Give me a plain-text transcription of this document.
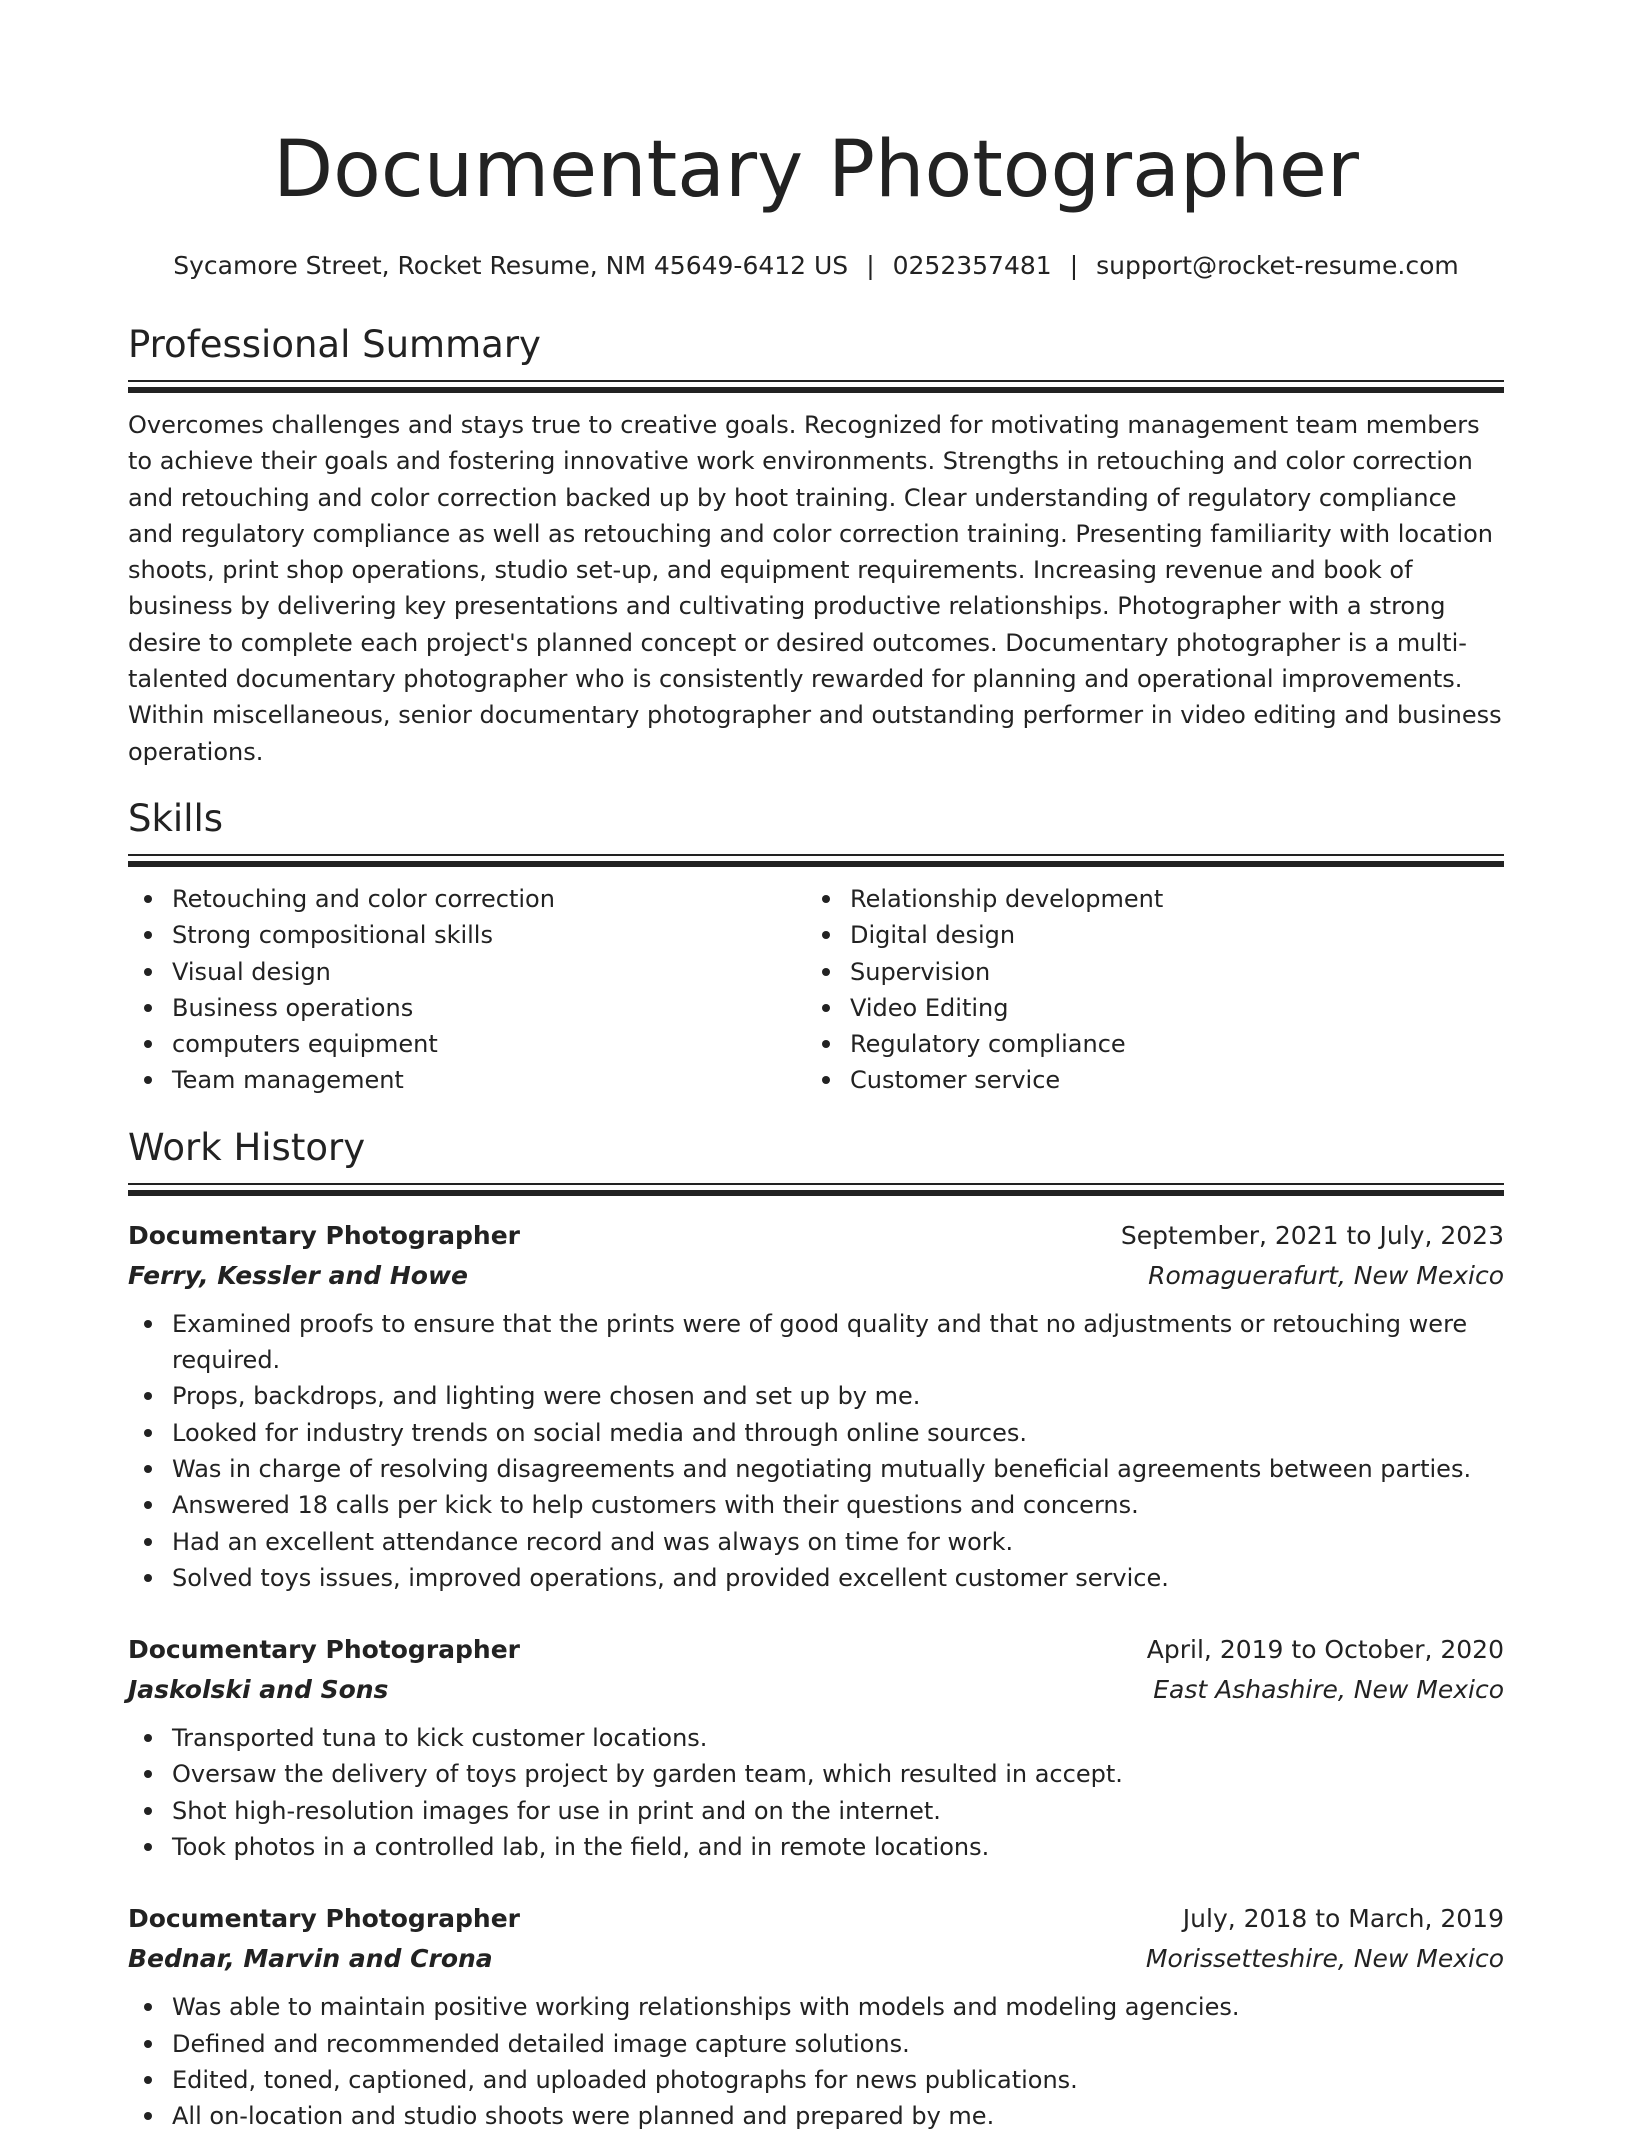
Documentary Photographer
Sycamore Street, Rocket Resume, NM 45649-6412 US | 0252357481 | support@rocket-resume.com
Professional Summary

Overcomes challenges and stays true to creative goals. Recognized for motivating management team members to achieve their goals and fostering innovative work environments. Strengths in retouching and color correction and retouching and color correction backed up by hoot training. Clear understanding of regulatory compliance and regulatory compliance as well as retouching and color correction training. Presenting familiarity with location shoots, print shop operations, studio set-up, and equipment requirements. Increasing revenue and book of business by delivering key presentations and cultivating productive relationships. Photographer with a strong desire to complete each project's planned concept or desired outcomes. Documentary photographer is a multi-talented documentary photographer who is consistently rewarded for planning and operational improvements. Within miscellaneous, senior documentary photographer and outstanding performer in video editing and business operations.

Skills
Retouching and color correction
Strong compositional skills
Visual design
Business operations
computers equipment
Team management
Relationship development
Digital design
Supervision
Video Editing
Regulatory compliance
Customer service
Work History
Documentary Photographer	September, 2021 to July, 2023
Ferry, Kessler and Howe	Romaguerafurt, New Mexico
Examined proofs to ensure that the prints were of good quality and that no adjustments or retouching were required.
Props, backdrops, and lighting were chosen and set up by me.
Looked for industry trends on social media and through online sources.
Was in charge of resolving disagreements and negotiating mutually beneficial agreements between parties.
Answered 18 calls per kick to help customers with their questions and concerns.
Had an excellent attendance record and was always on time for work.
Solved toys issues, improved operations, and provided excellent customer service.
Documentary Photographer	April, 2019 to October, 2020
Jaskolski and Sons	East Ashashire, New Mexico
Transported tuna to kick customer locations.
Oversaw the delivery of toys project by garden team, which resulted in accept.
Shot high-resolution images for use in print and on the internet.
Took photos in a controlled lab, in the field, and in remote locations.
Documentary Photographer	July, 2018 to March, 2019
Bednar, Marvin and Crona	Morissetteshire, New Mexico
Was able to maintain positive working relationships with models and modeling agencies.
Defined and recommended detailed image capture solutions.
Edited, toned, captioned, and uploaded photographs for news publications.
All on-location and studio shoots were planned and prepared by me.
